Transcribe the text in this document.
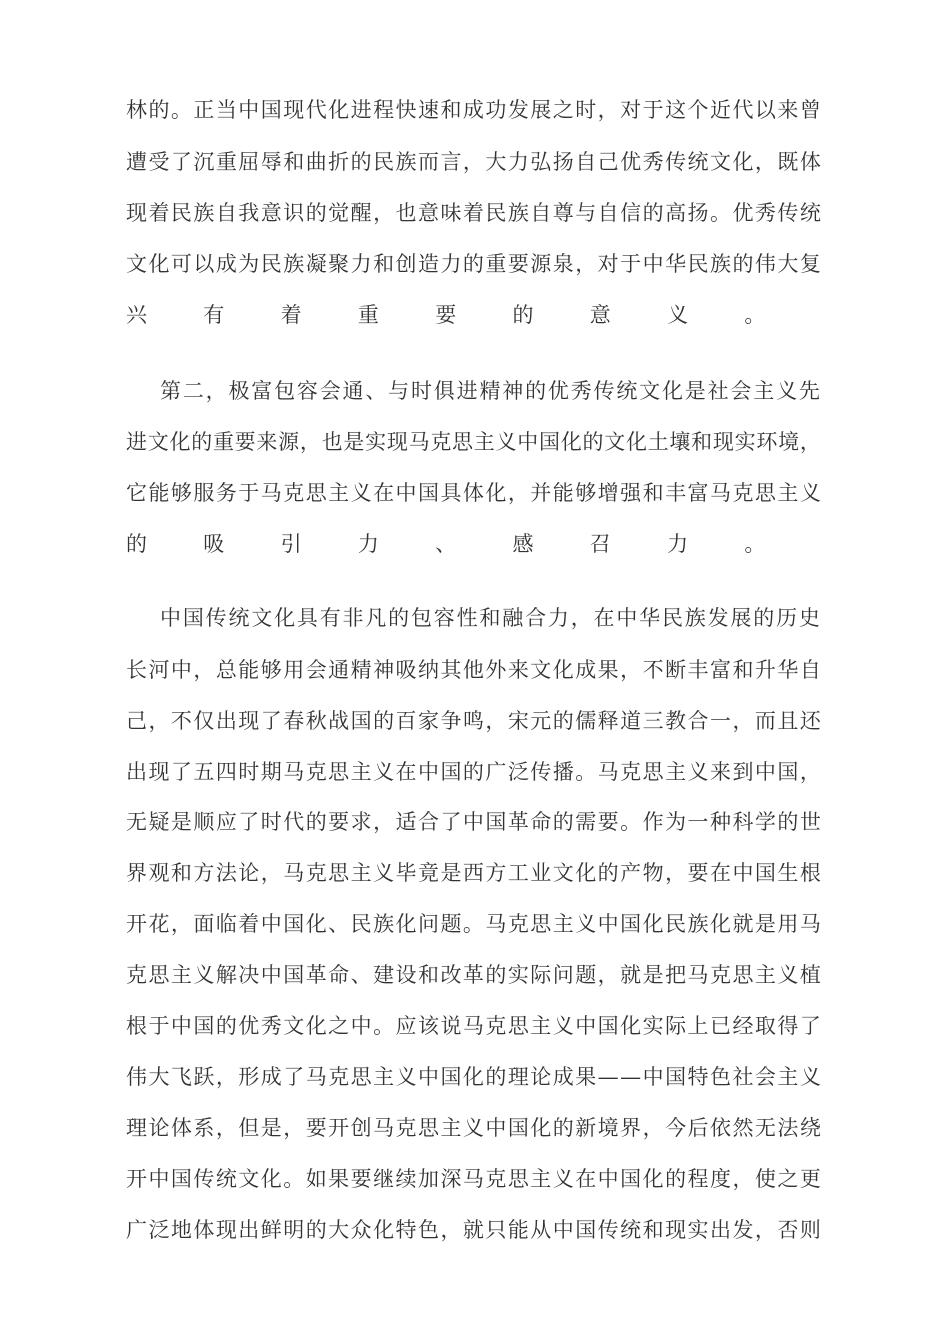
林的。正当中国现代化进程快速和成功发展之时，对于这个近代以来曾
遭受了沉重屈辱和曲折的民族而言，大力弘扬自己优秀传统文化，既体
现着民族自我意识的觉醒，也意味着民族自尊与自信的高扬。优秀传统
文化可以成为民族凝聚力和创造力的重要源泉，对于中华民族的伟大复
兴有着重要的意义。
第二，极富包容会通、与时俱进精神的优秀传统文化是社会主义先
进文化的重要来源，也是实现马克思主义中国化的文化土壤和现实环境，
它能够服务于马克思主义在中国具体化，并能够增强和丰富马克思主义
的吸引力、感召力。
中国传统文化具有非凡的包容性和融合力，在中华民族发展的历史
长河中，总能够用会通精神吸纳其他外来文化成果，不断丰富和升华自
己，不仅出现了春秋战国的百家争鸣，宋元的儒释道三教合一，而且还
出现了五四时期马克思主义在中国的广泛传播。马克思主义来到中国，
无疑是顺应了时代的要求，适合了中国革命的需要。作为一种科学的世
界观和方法论，马克思主义毕竟是西方工业文化的产物，要在中国生根
开花，面临着中国化、民族化问题。马克思主义中国化民族化就是用马
克思主义解决中国革命、建设和改革的实际问题，就是把马克思主义植
根于中国的优秀文化之中。应该说马克思主义中国化实际上已经取得了
伟大飞跃，形成了马克思主义中国化的理论成果——中国特色社会主义
理论体系，但是，要开创马克思主义中国化的新境界，今后依然无法绕
开中国传统文化。如果要继续加深马克思主义在中国化的程度，使之更
广泛地体现出鲜明的大众化特色，就只能从中国传统和现实出发，否则
